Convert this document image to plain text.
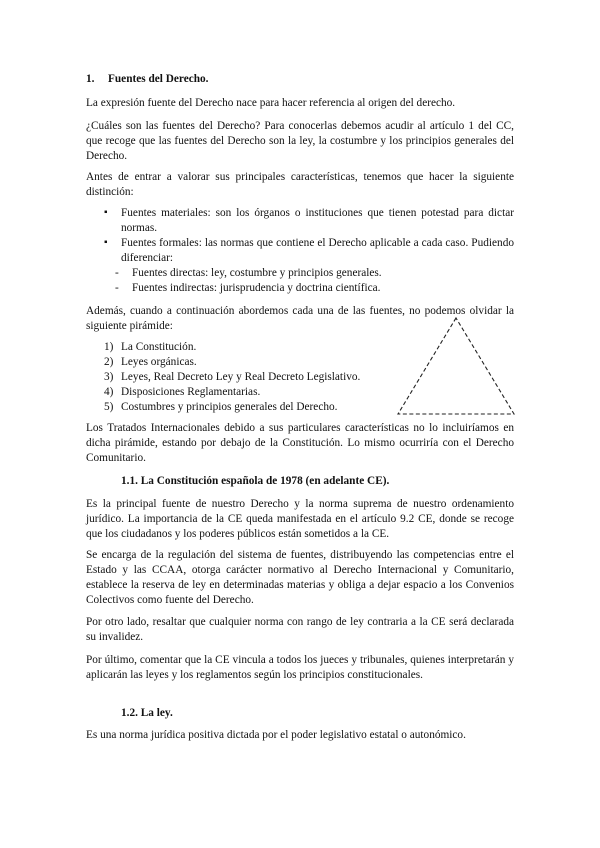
1. Fuentes del Derecho.

La expresión fuente del Derecho nace para hacer referencia al origen del derecho.

¿Cuáles son las fuentes del Derecho? Para conocerlas debemos acudir al artículo 1 del CC, que recoge que las fuentes del Derecho son la ley, la costumbre y los principios generales del Derecho.

Antes de entrar a valorar sus principales características, tenemos que hacer la siguiente distinción:

▪ Fuentes materiales: son los órganos o instituciones que tienen potestad para dictar normas.

▪ Fuentes formales: las normas que contiene el Derecho aplicable a cada caso. Pudiendo diferenciar:

- Fuentes directas: ley, costumbre y principios generales.

- Fuentes indirectas: jurisprudencia y doctrina científica.

Además, cuando a continuación abordemos cada una de las fuentes, no podemos olvidar la siguiente pirámide:

1) La Constitución.

2) Leyes orgánicas.

3) Leyes, Real Decreto Ley y Real Decreto Legislativo.

4) Disposiciones Reglamentarias.

5) Costumbres y principios generales del Derecho.

Los Tratados Internacionales debido a sus particulares características no lo incluiríamos en dicha pirámide, estando por debajo de la Constitución. Lo mismo ocurriría con el Derecho Comunitario.

1.1. La Constitución española de 1978 (en adelante CE).

Es la principal fuente de nuestro Derecho y la norma suprema de nuestro ordenamiento jurídico. La importancia de la CE queda manifestada en el artículo 9.2 CE, donde se recoge que los ciudadanos y los poderes públicos están sometidos a la CE.

Se encarga de la regulación del sistema de fuentes, distribuyendo las competencias entre el Estado y las CCAA, otorga carácter normativo al Derecho Internacional y Comunitario, establece la reserva de ley en determinadas materias y obliga a dejar espacio a los Convenios Colectivos como fuente del Derecho.

Por otro lado, resaltar que cualquier norma con rango de ley contraria a la CE será declarada su invalidez.

Por último, comentar que la CE vincula a todos los jueces y tribunales, quienes interpretarán y aplicarán las leyes y los reglamentos según los principios constitucionales.

1.2. La ley.

Es una norma jurídica positiva dictada por el poder legislativo estatal o autonómico.
